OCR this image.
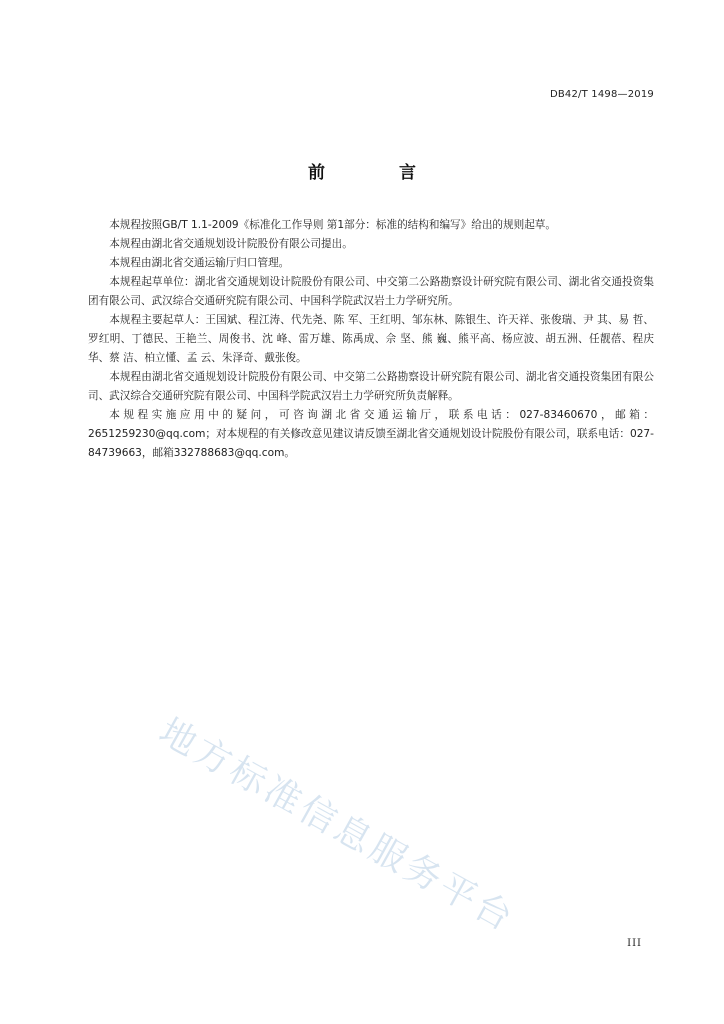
DB42/T 1498—2019
前 言

本规程按照GB/T 1.1-2009《标准化工作导则 第1部分：标准的结构和编写》给出的规则起草。

本规程由湖北省交通规划设计院股份有限公司提出。

本规程由湖北省交通运输厅归口管理。

本规程起草单位：湖北省交通规划设计院股份有限公司、中交第二公路勘察设计研究院有限公司、湖北省交通投资集团有限公司、武汉综合交通研究院有限公司、中国科学院武汉岩土力学研究所。

本规程主要起草人：王国斌、程江涛、代先尧、陈 军、王红明、邹东林、陈银生、许天祥、张俊瑞、尹 其、易 哲、罗红明、丁德民、王艳兰、周俊书、沈 峰、雷万雄、陈禹成、佘 坚、熊 巍、熊平高、杨应波、胡五洲、任靓蓓、程庆华、蔡 洁、柏立懂、孟 云、朱泽奇、戴张俊。

本规程由湖北省交通规划设计院股份有限公司、中交第二公路勘察设计研究院有限公司、湖北省交通投资集团有限公司、武汉综合交通研究院有限公司、中国科学院武汉岩土力学研究所负责解释。

本规程实施应用中的疑问，可咨询湖北省交通运输厅，联系电话：027-83460670，邮箱：2651259230@qq.com；对本规程的有关修改意见建议请反馈至湖北省交通规划设计院股份有限公司，联系电话：027-84739663，邮箱332788683@qq.com。

地方标准信息服务平台
III
